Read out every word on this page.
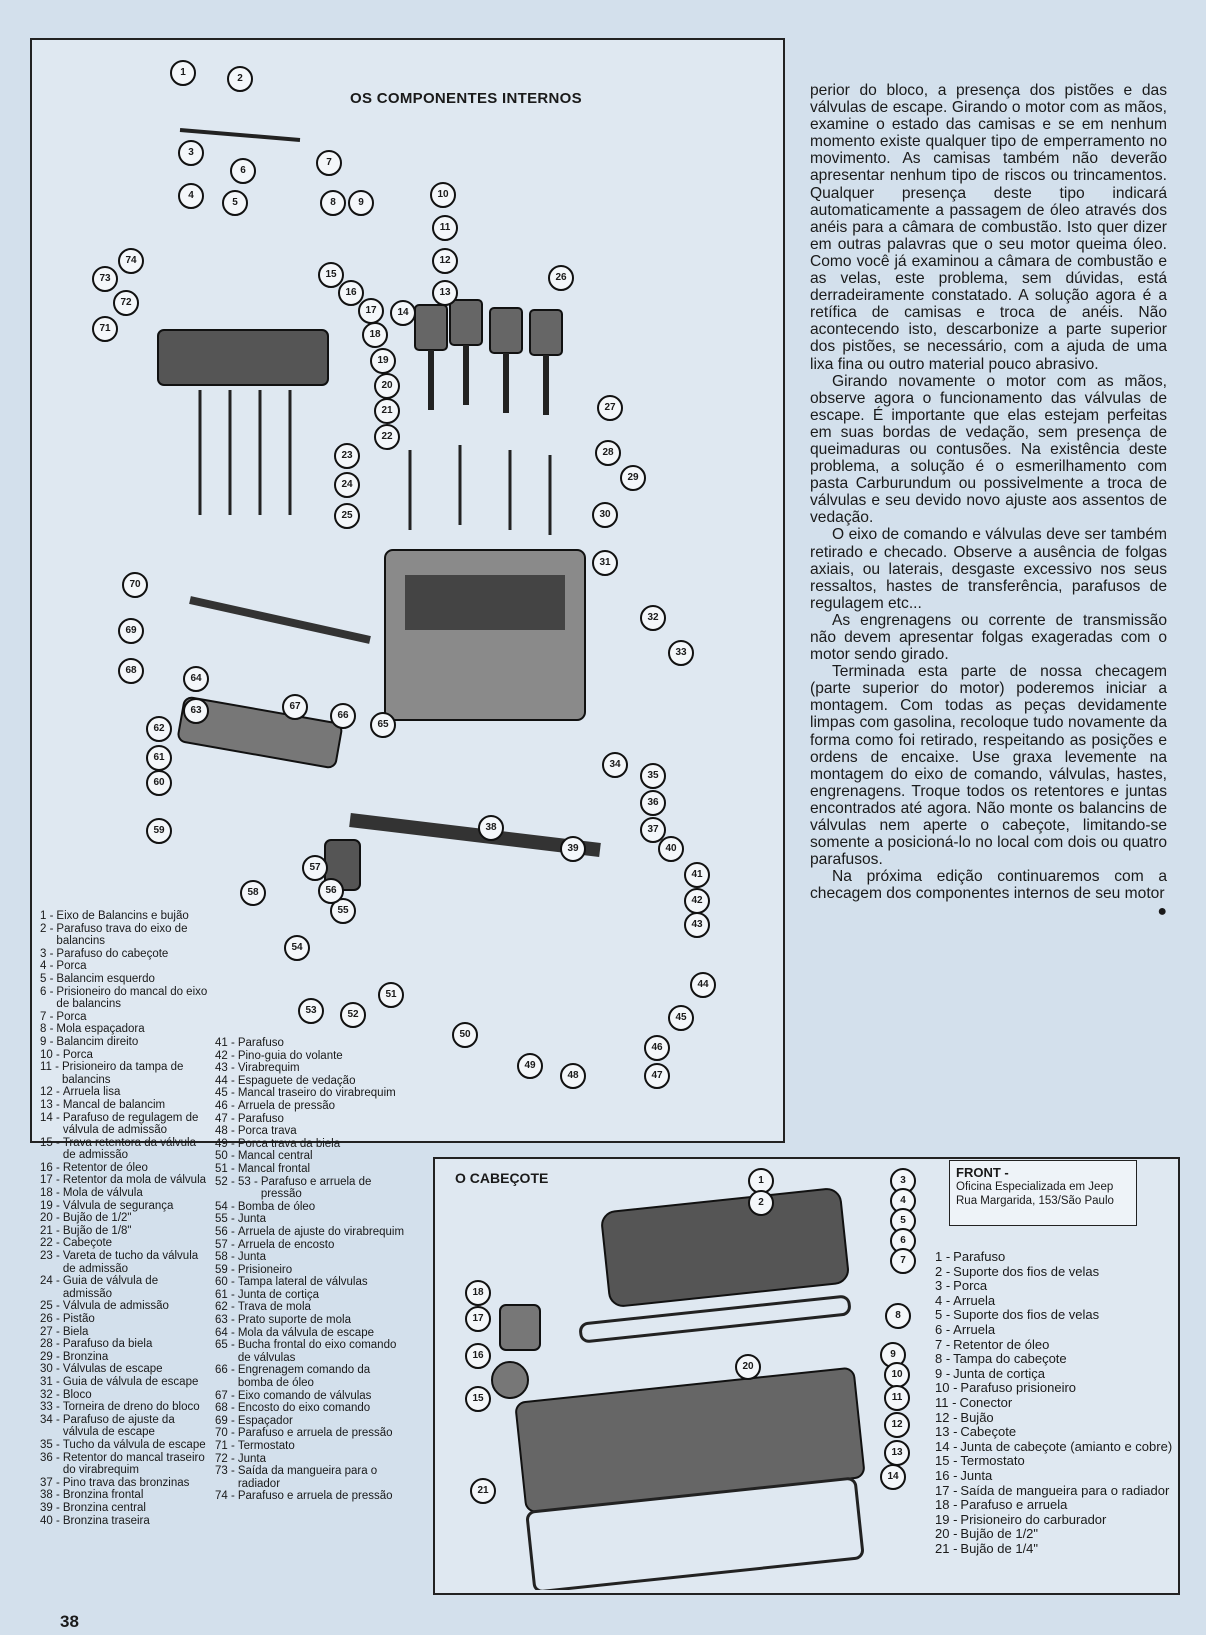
OS COMPONENTES INTERNOS
1
2
3
4
5
6
7
8	9
10
11
12
13
14
15
16
17
18
19
20
21
22
23
24
25
26
27
28
29
30
31
32
33
34
35
36
37
38
39	40
41
42
43
44
45
46
47
48
49
50
51
52
53
54
55
56
57
58
59
60
61
62
63
64
65
66
67
68
69
70
71
72
73
74
1 - Eixo de Balancins e bujão
2 - Parafuso trava do eixo de balancins
3 - Parafuso do cabeçote
4 - Porca
5 - Balancim esquerdo
6 - Prisioneiro do mancal do eixo de balancins
7 - Porca
8 - Mola espaçadora
9 - Balancim direito
10 - Porca
11 - Prisioneiro da tampa de balancins
12 - Arruela lisa
13 - Mancal de balancim
14 - Parafuso de regulagem de válvula de admissão
15 - Trava retentora da válvula de admissão
16 - Retentor de óleo
17 - Retentor da mola de válvula
18 - Mola de válvula
19 - Válvula de segurança
20 - Bujão de 1/2"
21 - Bujão de 1/8"
22 - Cabeçote
23 - Vareta de tucho da válvula de admissão
24 - Guia de válvula de admissão
25 - Válvula de admissão
26 - Pistão
27 - Biela
28 - Parafuso da biela
29 - Bronzina
30 - Válvulas de escape
31 - Guia de válvula de escape
32 - Bloco
33 - Torneira de dreno do bloco
34 - Parafuso de ajuste da válvula de escape
35 - Tucho da válvula de escape
36 - Retentor do mancal traseiro do virabrequim
37 - Pino trava das bronzinas
38 - Bronzina frontal
39 - Bronzina central
40 - Bronzina traseira
41 - Parafuso
42 - Pino-guia do volante
43 - Virabrequim
44 - Espaguete de vedação
45 - Mancal traseiro do virabrequim
46 - Arruela de pressão
47 - Parafuso
48 - Porca trava
49 - Porca trava da biela
50 - Mancal central
51 - Mancal frontal
52 - 53 - Parafuso e arruela de pressão
54 - Bomba de óleo
55 - Junta
56 - Arruela de ajuste do virabrequim
57 - Arruela de encosto
58 - Junta
59 - Prisioneiro
60 - Tampa lateral de válvulas
61 - Junta de cortiça
62 - Trava de mola
63 - Prato suporte de mola
64 - Mola da válvula de escape
65 - Bucha frontal do eixo comando de válvulas
66 - Engrenagem comando da bomba de óleo
67 - Eixo comando de válvulas
68 - Encosto do eixo comando
69 - Espaçador
70 - Parafuso e arruela de pressão
71 - Termostato
72 - Junta
73 - Saída da mangueira para o radiador
74 - Parafuso e arruela de pressão

perior do bloco, a presença dos pistões e das válvulas de escape. Girando o motor com as mãos, examine o estado das camisas e se em nenhum momento existe qualquer tipo de emperramento no movimento. As camisas também não deverão apresentar nenhum tipo de riscos ou trincamentos. Qualquer presença deste tipo indicará automaticamente a passagem de óleo através dos anéis para a câmara de combustão. Isto quer dizer em outras palavras que o seu motor queima óleo. Como você já examinou a câmara de combustão e as velas, este problema, sem dúvidas, está derradeiramente constatado. A solução agora é a retífica de camisas e troca de anéis. Não acontecendo isto, descarbonize a parte superior dos pistões, se necessário, com a ajuda de uma lixa fina ou outro material pouco abrasivo.

Girando novamente o motor com as mãos, observe agora o funcionamento das válvulas de escape. É importante que elas estejam perfeitas em suas bordas de vedação, sem presença de queimaduras ou contusões. Na existência deste problema, a solução é o esmerilhamento com pasta Carburundum ou possivelmente a troca de válvulas e seu devido novo ajuste aos assentos de vedação.

O eixo de comando e válvulas deve ser também retirado e checado. Observe a ausência de folgas axiais, ou laterais, desgaste excessivo nos seus ressaltos, hastes de transferência, parafusos de regulagem etc...

As engrenagens ou corrente de transmissão não devem apresentar folgas exageradas com o motor sendo girado.

Terminada esta parte de nossa checagem (parte superior do motor) poderemos iniciar a montagem. Com todas as peças devidamente limpas com gasolina, recoloque tudo novamente da forma como foi retirado, respeitando as posições e ordens de encaixe. Use graxa levemente na montagem do eixo de comando, válvulas, hastes, engrenagens. Troque todos os retentores e juntas encontrados até agora. Não monte os balancins de válvulas nem aperte o cabeçote, limitando-se somente a posicioná-lo no local com dois ou quatro parafusos.

Na próxima edição continuaremos com a checagem dos componentes internos de seu motor
●

O CABEÇOTE	1
2
3
4
5
6
7
8
9
10
11
12
13
14
15
16
17
18
20
21
FRONT -
Oficina Especializada em Jeep
Rua Margarida, 153/São Paulo
1 - Parafuso
2 - Suporte dos fios de velas
3 - Porca
4 - Arruela
5 - Suporte dos fios de velas
6 - Arruela
7 - Retentor de óleo
8 - Tampa do cabeçote
9 - Junta de cortiça
10 - Parafuso prisioneiro
11 - Conector
12 - Bujão
13 - Cabeçote
14 - Junta de cabeçote (amianto e cobre)
15 - Termostato
16 - Junta
17 - Saída de mangueira para o radiador
18 - Parafuso e arruela
19 - Prisioneiro do carburador
20 - Bujão de 1/2"
21 - Bujão de 1/4"
38
